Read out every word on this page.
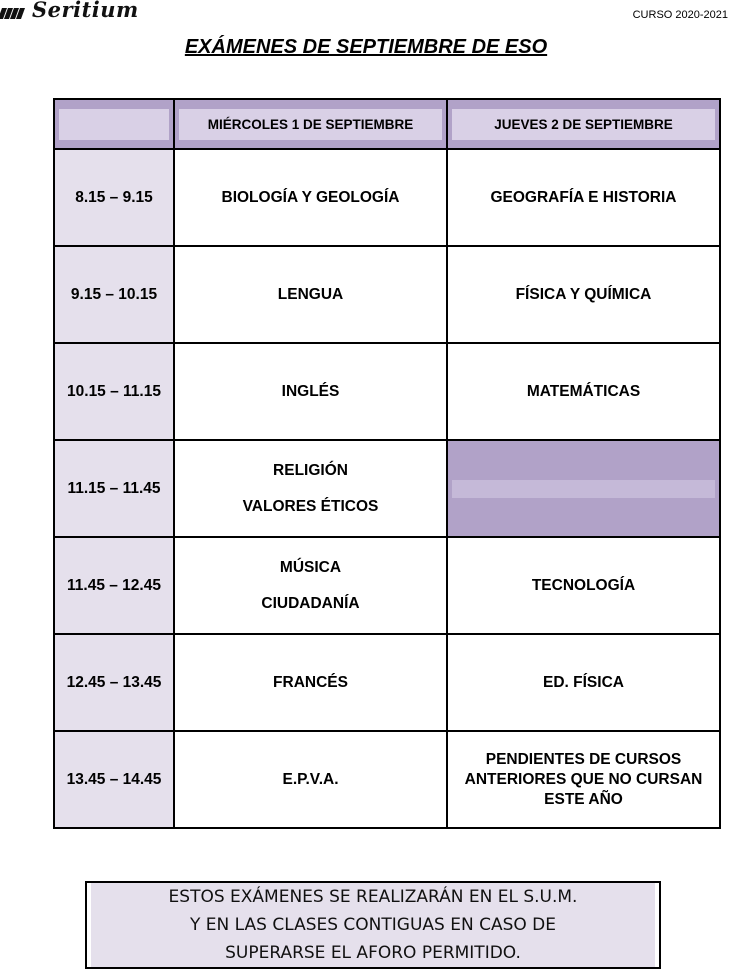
Seritium	CURSO 2020-2021
EXÁMENES DE SEPTIEMBRE DE ESO

	MIÉRCOLES 1 DE SEPTIEMBRE	JUEVES 2 DE SEPTIEMBRE

8.15 – 9.15	BIOLOGÍA Y GEOLOGÍA	GEOGRAFÍA E HISTORIA

9.15 – 10.15	LENGUA	FÍSICA Y QUÍMICA

10.15 – 11.15	INGLÉS	MATEMÁTICAS

11.15 – 11.45	RELIGIÓN
VALORES ÉTICOS	

11.45 – 12.45	MÚSICA
CIUDADANÍA	TECNOLOGÍA

12.45 – 13.45	FRANCÉS	ED. FÍSICA

13.45 – 14.45	E.P.V.A.	PENDIENTES DE CURSOS
ANTERIORES QUE NO CURSAN
ESTE AÑO
ESTOS EXÁMENES SE REALIZARÁN EN EL S.U.M.
Y EN LAS CLASES CONTIGUAS EN CASO DE
SUPERARSE EL AFORO PERMITIDO.
